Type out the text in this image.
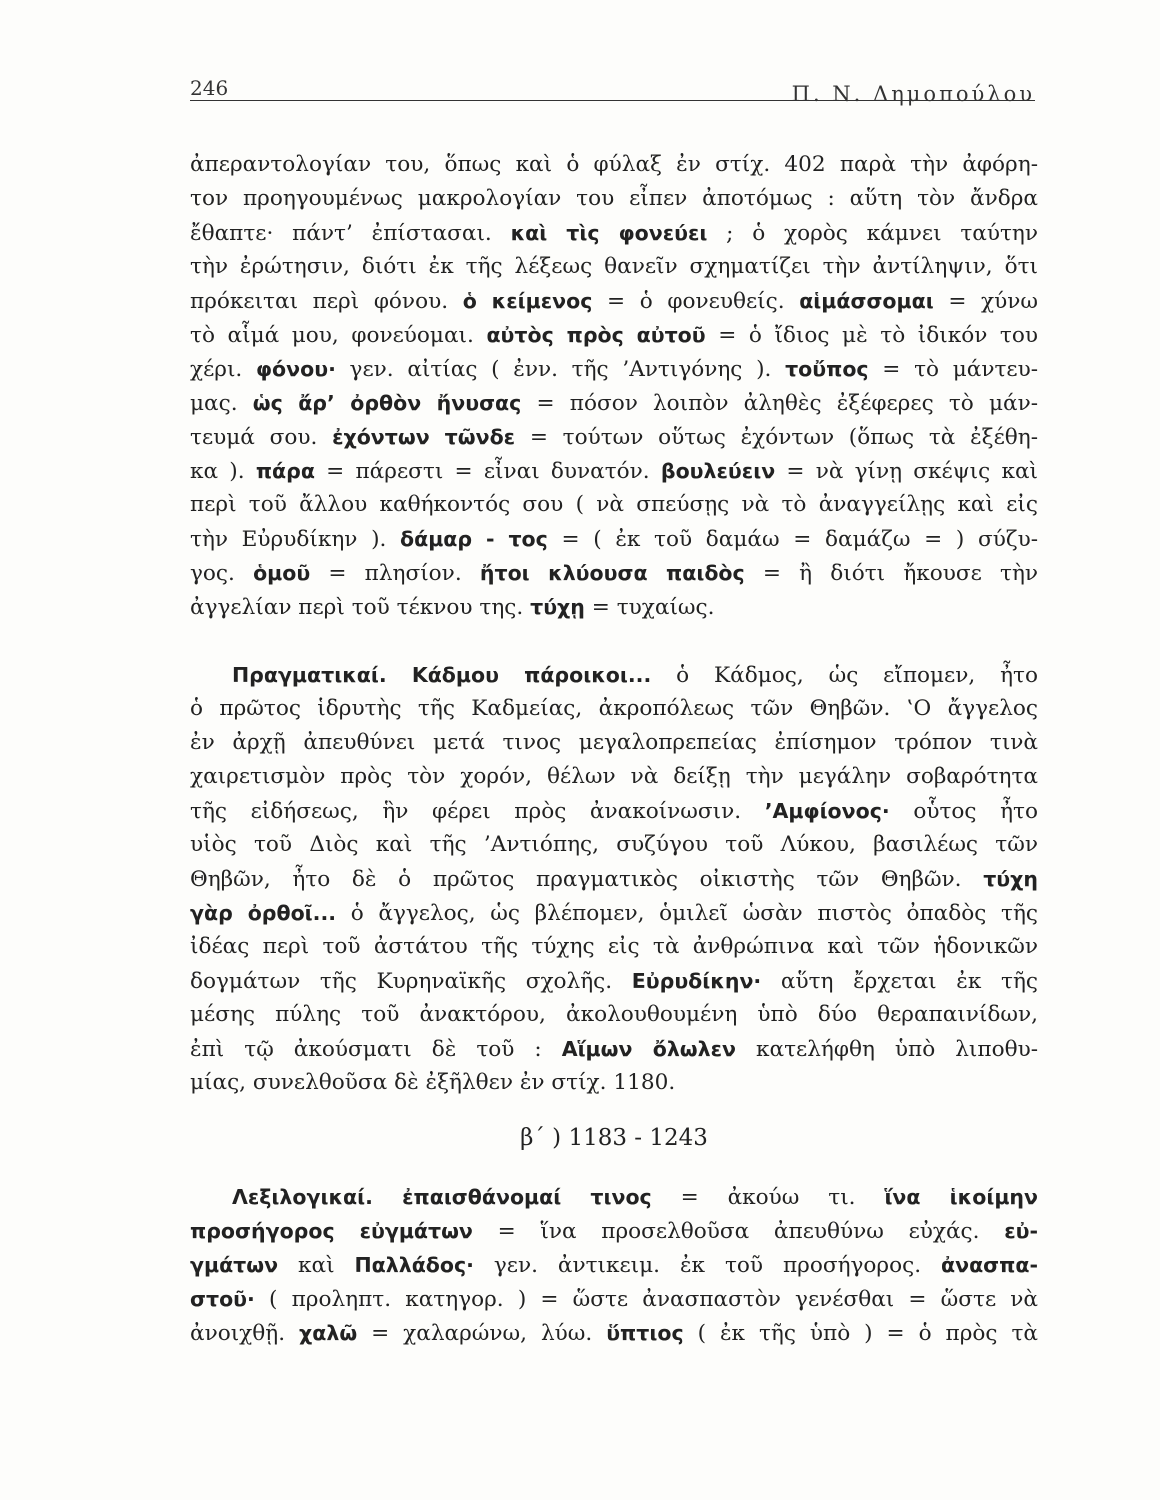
246	Π. Ν. Δημοπούλου
ἀπεραντολογίαν του, ὅπως καὶ ὁ φύλαξ ἐν στίχ. 402 παρὰ τὴν ἀφόρη-
τον προηγουμένως μακρολογίαν του εἶπεν ἀποτόμως : αὕτη τὸν ἄνδρα
ἔθαπτε· πάντ’ ἐπίστασαι. καὶ τὶς φονεύει ; ὁ χορὸς κάμνει ταύτην
τὴν ἐρώτησιν, διότι ἐκ τῆς λέξεως θανεῖν σχηματίζει τὴν ἀντίληψιν, ὅτι
πρόκειται περὶ φόνου. ὁ κείμενος = ὁ φονευθείς. αἱμάσσομαι = χύνω
τὸ αἷμά μου, φονεύομαι. αὐτὸς πρὸς αὐτοῦ = ὁ ἴδιος μὲ τὸ ἰδικόν του
χέρι. φόνου· γεν. αἰτίας ( ἐνν. τῆς ’Αντιγόνης ). τοὔπος = τὸ μάντευ-
μας. ὡς ἄρ’ ὀρθὸν ἤνυσας = πόσον λοιπὸν ἀληθὲς ἐξέφερες τὸ μάν-
τευμά σου. ἐχόντων τῶνδε = τούτων οὕτως ἐχόντων (ὅπως τὰ ἐξέθη-
κα ). πάρα = πάρεστι = εἶναι δυνατόν. βουλεύειν = νὰ γίνῃ σκέψις καὶ
περὶ τοῦ ἄλλου καθήκοντός σου ( νὰ σπεύσῃς νὰ τὸ ἀναγγείλῃς καὶ εἰς
τὴν Εὐρυδίκην ). δάμαρ - τος = ( ἐκ τοῦ δαμάω = δαμάζω = ) σύζυ-
γος. ὁμοῦ = πλησίον. ἤτοι κλύουσα παιδὸς = ἢ διότι ἤκουσε τὴν
ἀγγελίαν περὶ τοῦ τέκνου της. τύχῃ = τυχαίως.
Πραγματικαί. Κάδμου πάροικοι... ὁ Κάδμος, ὡς εἴπομεν, ἦτο
ὁ πρῶτος ἱδρυτὴς τῆς Καδμείας, ἀκροπόλεως τῶν Θηβῶν. ‛Ο ἄγγελος
ἐν ἀρχῇ ἀπευθύνει μετά τινος μεγαλοπρεπείας ἐπίσημον τρόπον τινὰ
χαιρετισμὸν πρὸς τὸν χορόν, θέλων νὰ δείξῃ τὴν μεγάλην σοβαρότητα
τῆς εἰδήσεως, ἣν φέρει πρὸς ἀνακοίνωσιν. ’Αμφίονος· οὗτος ἦτο
υἱὸς τοῦ Διὸς καὶ τῆς ’Αντιόπης, συζύγου τοῦ Λύκου, βασιλέως τῶν
Θηβῶν, ἦτο δὲ ὁ πρῶτος πραγματικὸς οἰκιστὴς τῶν Θηβῶν. τύχη
γὰρ ὀρθοῖ... ὁ ἄγγελος, ὡς βλέπομεν, ὁμιλεῖ ὡσὰν πιστὸς ὀπαδὸς τῆς
ἰδέας περὶ τοῦ ἀστάτου τῆς τύχης εἰς τὰ ἀνθρώπινα καὶ τῶν ἡδονικῶν
δογμάτων τῆς Κυρηναϊκῆς σχολῆς. Εὐρυδίκην· αὕτη ἔρχεται ἐκ τῆς
μέσης πύλης τοῦ ἀνακτόρου, ἀκολουθουμένη ὑπὸ δύο θεραπαινίδων,
ἐπὶ τῷ ἀκούσματι δὲ τοῦ : Αἵμων ὄλωλεν κατελήφθη ὑπὸ λιποθυ-
μίας, συνελθοῦσα δὲ ἐξῆλθεν ἐν στίχ. 1180.
β΄ ) 1183 - 1243
Λεξιλογικαί. ἐπαισθάνομαί τινος = ἀκούω τι. ἵνα ἱκοίμην
προσήγορος εὐγμάτων = ἵνα προσελθοῦσα ἀπευθύνω εὐχάς. εὐ-
γμάτων καὶ Παλλάδος· γεν. ἀντικειμ. ἐκ τοῦ προσήγορος. ἀνασπα-
στοῦ· ( προληπτ. κατηγορ. ) = ὥστε ἀνασπαστὸν γενέσθαι = ὥστε νὰ
ἀνοιχθῇ. χαλῶ = χαλαρώνω, λύω. ὕπτιος ( ἐκ τῆς ὑπὸ ) = ὁ πρὸς τὰ
